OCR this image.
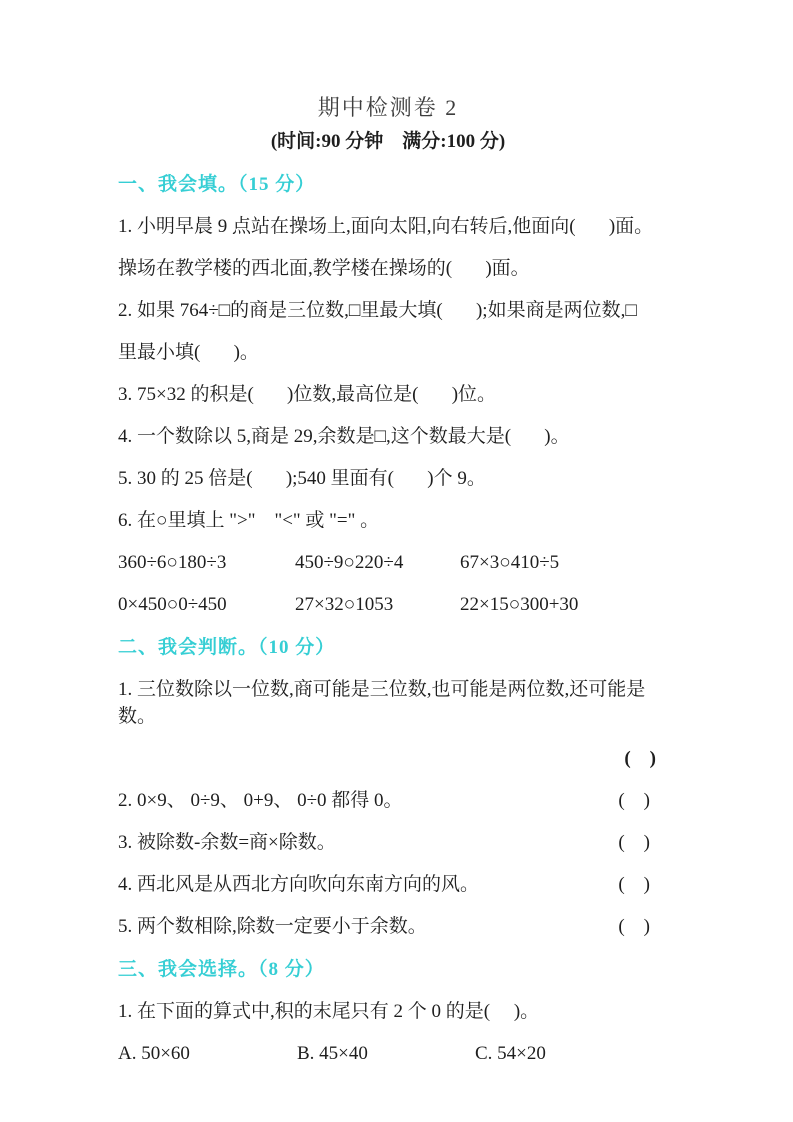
期中检测卷 2
(时间:90 分钟　满分:100 分)
一、我会填。（15 分）
1. 小明早晨 9 点站在操场上,面向太阳,向右转后,他面向(       )面。
操场在教学楼的西北面,教学楼在操场的(       )面。
2. 如果 764÷□的商是三位数,□里最大填(       );如果商是两位数,□
里最小填(       )。
3. 75×32 的积是(       )位数,最高位是(       )位。
4. 一个数除以 5,商是 29,余数是□,这个数最大是(       )。
5. 30 的 25 倍是(       );540 里面有(       )个 9。
6. 在○里填上 ">"　"<" 或 "=" 。
360÷6○180÷3	450÷9○220÷4	67×3○410÷5
0×450○0÷450	27×32○1053	22×15○300+30
二、我会判断。（10 分）
1. 三位数除以一位数,商可能是三位数,也可能是两位数,还可能是数。
(    )
2. 0×9、 0÷9、 0+9、 0÷0 都得 0。	(    )
3. 被除数-余数=商×除数。	(    )
4. 西北风是从西北方向吹向东南方向的风。	(    )
5. 两个数相除,除数一定要小于余数。	(    )
三、我会选择。（8 分）
1. 在下面的算式中,积的末尾只有 2 个 0 的是(     )。
A. 50×60	B. 45×40	C. 54×20
